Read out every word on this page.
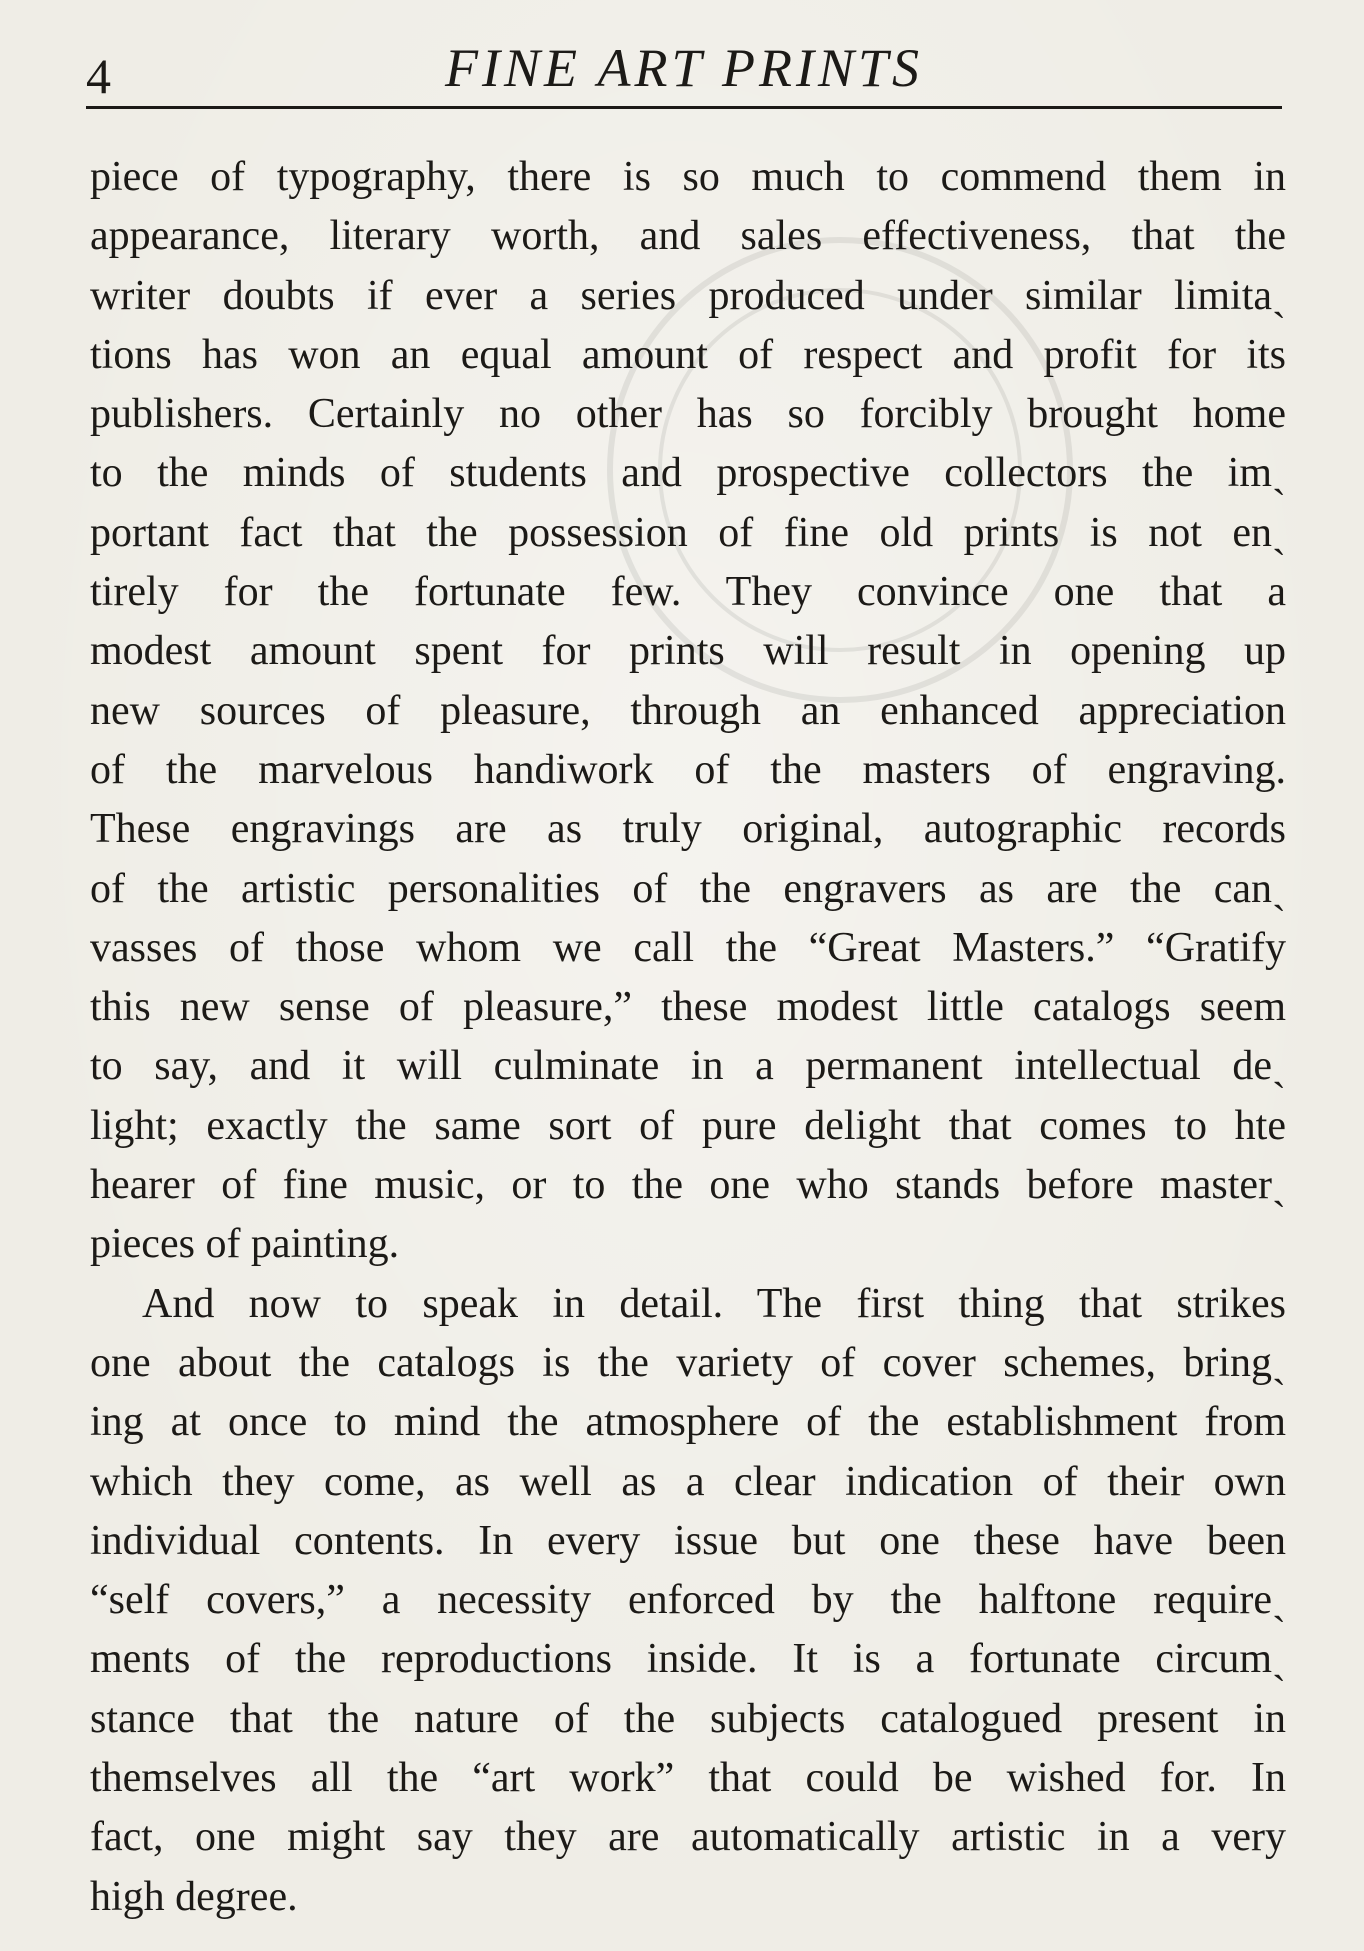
4	FINE ART PRINTS
piece of typography, there is so much to commend them in
appearance, literary worth, and sales effectiveness, that the
writer doubts if ever a series produced under similar limitaˏ
tions has won an equal amount of respect and profit for its
publishers. Certainly no other has so forcibly brought home
to the minds of students and prospective collectors the imˏ
portant fact that the possession of fine old prints is not enˏ
tirely for the fortunate few. They convince one that a
modest amount spent for prints will result in opening up
new sources of pleasure, through an enhanced appreciation
of the marvelous handiwork of the masters of engraving.
These engravings are as truly original, autographic records
of the artistic personalities of the engravers as are the canˏ
vasses of those whom we call the “Great Masters.” “Gratify
this new sense of pleasure,” these modest little catalogs seem
to say, and it will culminate in a permanent intellectual deˏ
light; exactly the same sort of pure delight that comes to hte
hearer of fine music, or to the one who stands before masterˏ
pieces of painting.
And now to speak in detail. The first thing that strikes
one about the catalogs is the variety of cover schemes, bringˏ
ing at once to mind the atmosphere of the establishment from
which they come, as well as a clear indication of their own
individual contents. In every issue but one these have been
“self covers,” a necessity enforced by the halftone requireˏ
ments of the reproductions inside. It is a fortunate circumˏ
stance that the nature of the subjects catalogued present in
themselves all the “art work” that could be wished for. In
fact, one might say they are automatically artistic in a very
high degree.
